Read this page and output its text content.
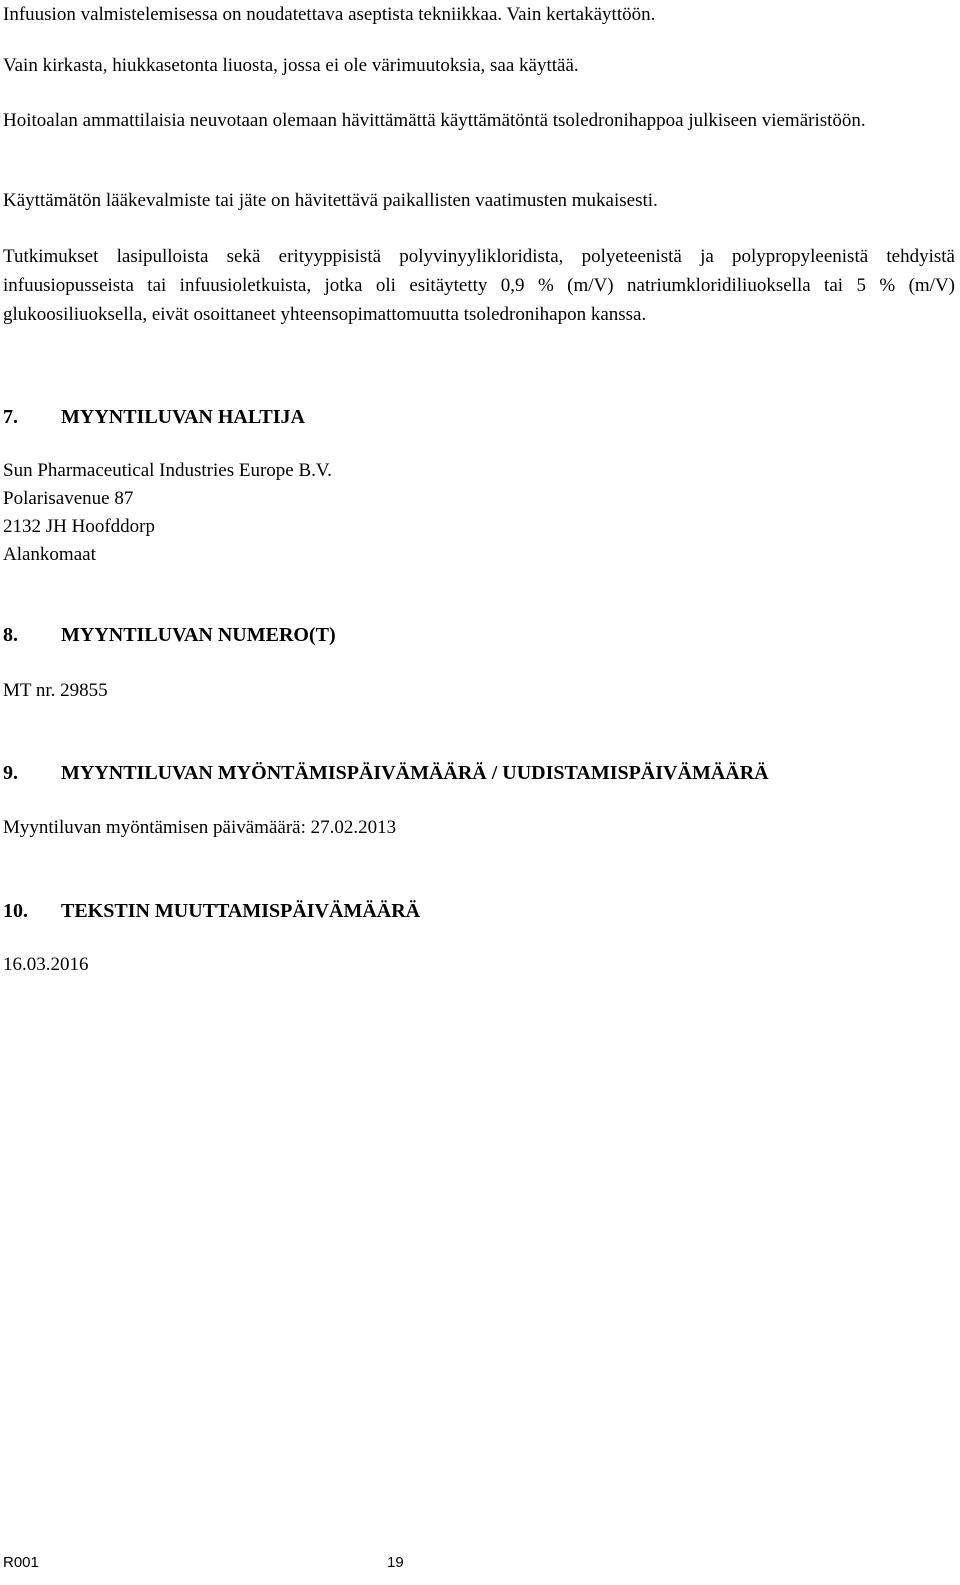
Infuusion valmistelemisessa on noudatettava aseptista tekniikkaa. Vain kertakäyttöön.

Vain kirkasta, hiukkasetonta liuosta, jossa ei ole värimuutoksia, saa käyttää.

Hoitoalan ammattilaisia neuvotaan olemaan hävittämättä käyttämätöntä tsoledronihappoa julkiseen viemäristöön.

Käyttämätön lääkevalmiste tai jäte on hävitettävä paikallisten vaatimusten mukaisesti.

Tutkimukset lasipulloista sekä erityyppisistä polyvinyylikloridista, polyeteenistä ja polypropyleenistä tehdyistä infuusiopusseista tai infuusioletkuista, jotka oli esitäytetty 0,9 % (m/V) natriumkloridiliuoksella tai 5 % (m/V) glukoosiliuoksella, eivät osoittaneet yhteensopimattomuutta tsoledronihapon kanssa.

7. MYYNTILUVAN HALTIJA

Sun Pharmaceutical Industries Europe B.V.

Polarisavenue 87

2132 JH Hoofddorp

Alankomaat

8. MYYNTILUVAN NUMERO(T)

MT nr. 29855

9. MYYNTILUVAN MYÖNTÄMISPÄIVÄMÄÄRÄ / UUDISTAMISPÄIVÄMÄÄRÄ

Myyntiluvan myöntämisen päivämäärä: 27.02.2013

10. TEKSTIN MUUTTAMISPÄIVÄMÄÄRÄ

16.03.2016

R001	19
